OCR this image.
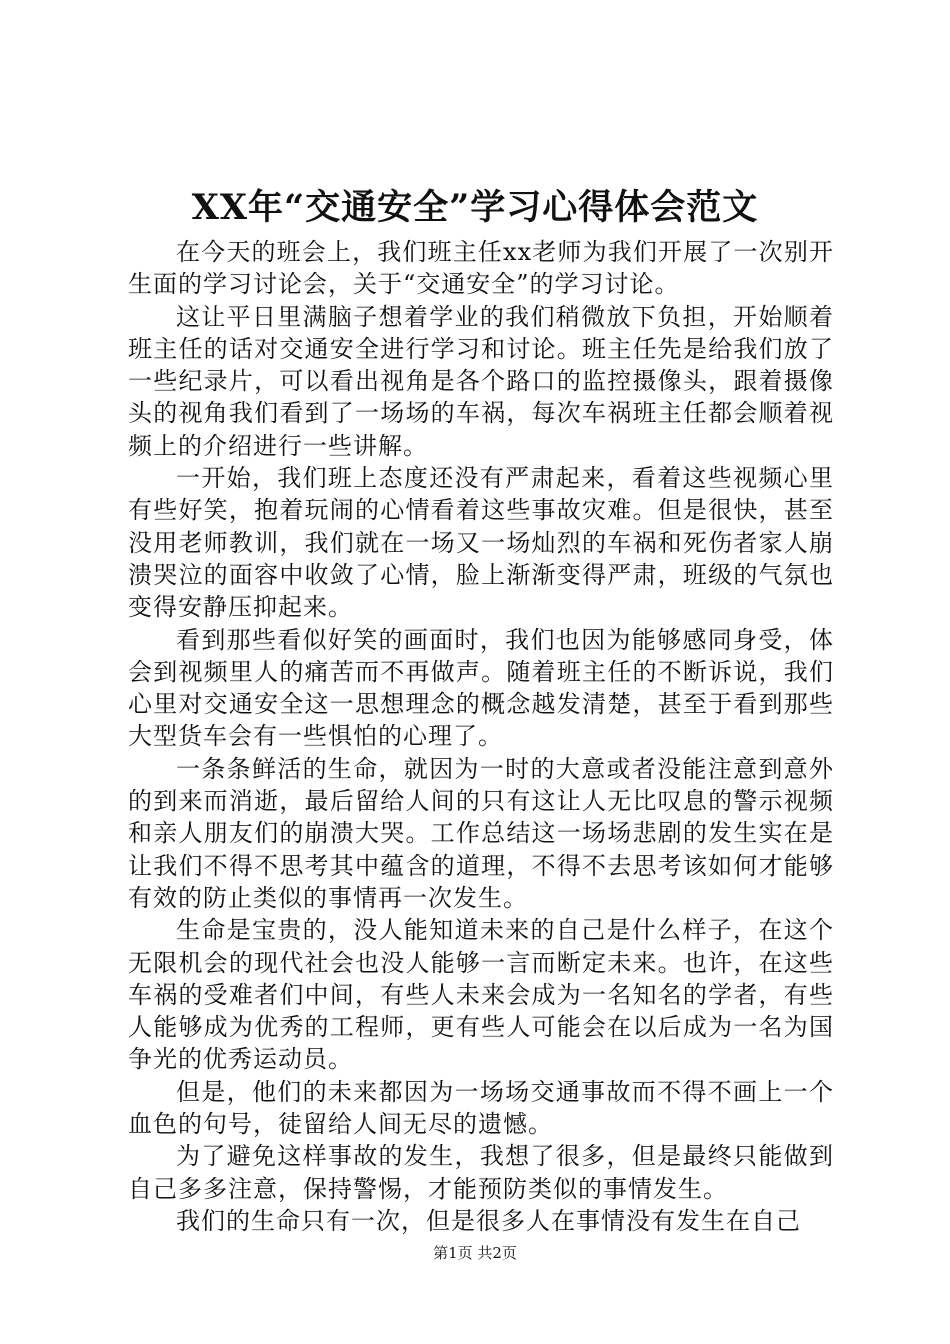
XX年“交通安全”学习心得体会范文

在今天的班会上，我们班主任xx老师为我们开展了一次别开生面的学习讨论会，关于“交通安全”的学习讨论。

这让平日里满脑子想着学业的我们稍微放下负担，开始顺着班主任的话对交通安全进行学习和讨论。班主任先是给我们放了一些纪录片，可以看出视角是各个路口的监控摄像头，跟着摄像头的视角我们看到了一场场的车祸，每次车祸班主任都会顺着视频上的介绍进行一些讲解。

一开始，我们班上态度还没有严肃起来，看着这些视频心里有些好笑，抱着玩闹的心情看着这些事故灾难。但是很快，甚至没用老师教训，我们就在一场又一场灿烈的车祸和死伤者家人崩溃哭泣的面容中收敛了心情，脸上渐渐变得严肃，班级的气氛也变得安静压抑起来。

看到那些看似好笑的画面时，我们也因为能够感同身受，体会到视频里人的痛苦而不再做声。随着班主任的不断诉说，我们心里对交通安全这一思想理念的概念越发清楚，甚至于看到那些大型货车会有一些惧怕的心理了。

一条条鲜活的生命，就因为一时的大意或者没能注意到意外的到来而消逝，最后留给人间的只有这让人无比叹息的警示视频和亲人朋友们的崩溃大哭。工作总结这一场场悲剧的发生实在是让我们不得不思考其中蕴含的道理，不得不去思考该如何才能够有效的防止类似的事情再一次发生。

生命是宝贵的，没人能知道未来的自己是什么样子，在这个无限机会的现代社会也没人能够一言而断定未来。也许，在这些车祸的受难者们中间，有些人未来会成为一名知名的学者，有些人能够成为优秀的工程师，更有些人可能会在以后成为一名为国争光的优秀运动员。

但是，他们的未来都因为一场场交通事故而不得不画上一个血色的句号，徒留给人间无尽的遗憾。

为了避免这样事故的发生，我想了很多，但是最终只能做到自己多多注意，保持警惕，才能预防类似的事情发生。

我们的生命只有一次，但是很多人在事情没有发生在自己

第1页 共2页
